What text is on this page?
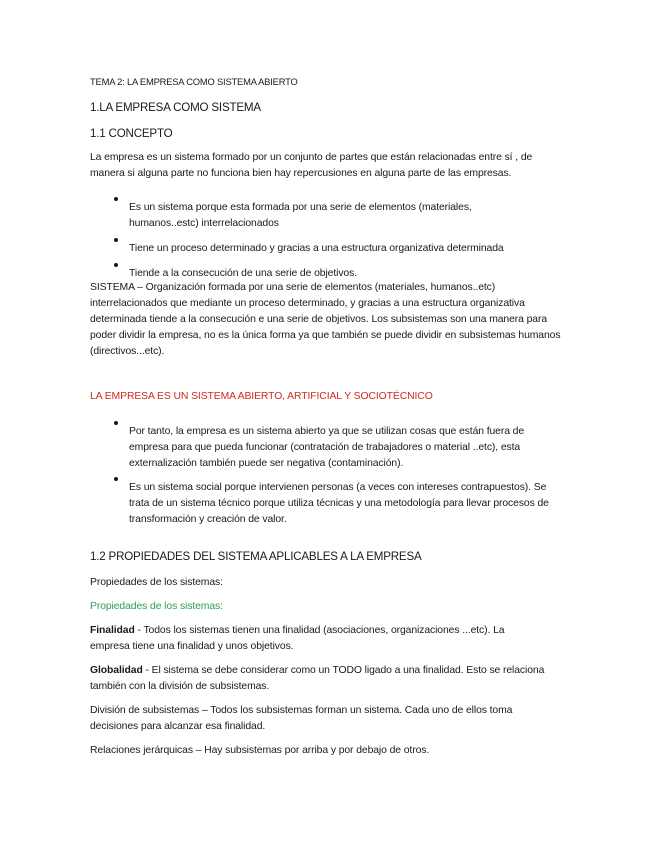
TEMA 2: LA EMPRESA COMO SISTEMA ABIERTO

1.LA EMPRESA COMO SISTEMA

1.1 CONCEPTO

La empresa es un sistema formado por un conjunto de partes que están relacionadas entre sí , de manera si alguna parte no funciona bien hay repercusiones en alguna parte de las empresas.

Es un sistema porque esta formada por una serie de elementos (materiales, humanos..estc) interrelacionados

Tiene un proceso determinado y gracias a una estructura organizativa determinada

Tiende a la consecución de una serie de objetivos.

SISTEMA – Organización formada por una serie de elementos (materiales, humanos..etc) interrelacionados que mediante un proceso determinado, y gracias a una estructura organizativa determinada tiende a la consecución e una serie de objetivos. Los subsistemas son una manera para poder dividir la empresa, no es la única forma ya que también se puede dividir en subsistemas humanos (directivos...etc).

LA EMPRESA ES UN SISTEMA ABIERTO, ARTIFICIAL Y SOCIOTÉCNICO

Por tanto, la empresa es un sistema abierto ya que se utilizan cosas que están fuera de empresa para que pueda funcionar (contratación de trabajadores o material ..etc), esta externalización también puede ser negativa (contaminación).

Es un sistema social porque intervienen personas (a veces con intereses contrapuestos). Se trata de un sistema técnico porque utiliza técnicas y una metodología para llevar procesos de transformación y creación de valor.

1.2 PROPIEDADES DEL SISTEMA APLICABLES A LA EMPRESA

Propiedades de los sistemas:

Propiedades de los sistemas:

Finalidad - Todos los sistemas tienen una finalidad (asociaciones, organizaciones ...etc). La empresa tiene una finalidad y unos objetivos.

Globalidad - El sistema se debe considerar como un TODO ligado a una finalidad. Esto se relaciona también con la división de subsistemas.

División de subsistemas – Todos los subsistemas forman un sistema. Cada uno de ellos toma decisiones para alcanzar esa finalidad.

Relaciones jerárquicas – Hay subsistemas por arriba y por debajo de otros.
